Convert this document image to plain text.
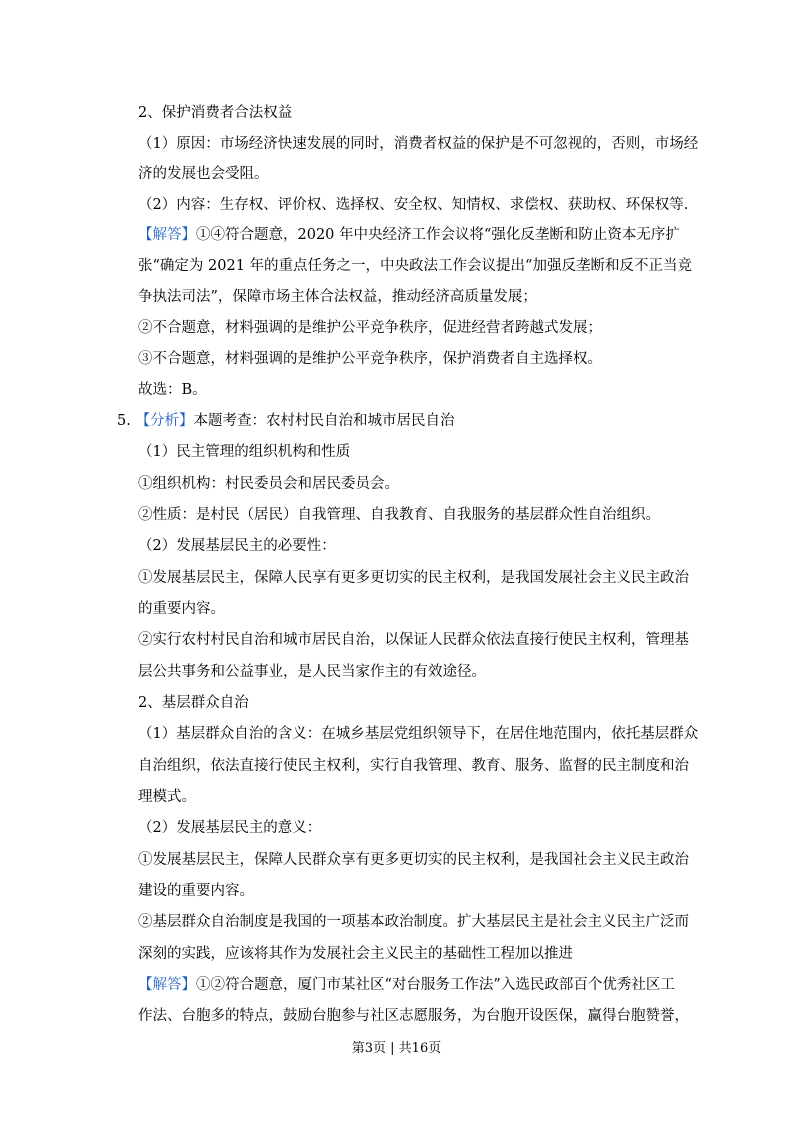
2、保护消费者合法权益
（1）原因：市场经济快速发展的同时，消费者权益的保护是不可忽视的，否则，市场经
济的发展也会受阻。
（2）内容：生存权、评价权、选择权、安全权、知情权、求偿权、获助权、环保权等.
【解答】①④符合题意，2020 年中央经济工作会议将“强化反垄断和防止资本无序扩
张“确定为 2021 年的重点任务之一，中央政法工作会议提出“加强反垄断和反不正当竞
争执法司法”，保障市场主体合法权益，推动经济高质量发展；
②不合题意，材料强调的是维护公平竞争秩序，促进经营者跨越式发展；
③不合题意，材料强调的是维护公平竞争秩序，保护消费者自主选择权。
故选：B。
5. 【分析】本题考查：农村村民自治和城市居民自治
（1）民主管理的组织机构和性质
①组织机构：村民委员会和居民委员会。
②性质：是村民（居民）自我管理、自我教育、自我服务的基层群众性自治组织。
（2）发展基层民主的必要性：
①发展基层民主，保障人民享有更多更切实的民主权利，是我国发展社会主义民主政治
的重要内容。
②实行农村村民自治和城市居民自治，以保证人民群众依法直接行使民主权利，管理基
层公共事务和公益事业，是人民当家作主的有效途径。
2、基层群众自治
（1）基层群众自治的含义：在城乡基层党组织领导下，在居住地范围内，依托基层群众
自治组织，依法直接行使民主权利，实行自我管理、教育、服务、监督的民主制度和治
理模式。
（2）发展基层民主的意义：
①发展基层民主，保障人民群众享有更多更切实的民主权利，是我国社会主义民主政治
建设的重要内容。
②基层群众自治制度是我国的一项基本政治制度。扩大基层民主是社会主义民主广泛而
深刻的实践，应该将其作为发展社会主义民主的基础性工程加以推进
【解答】①②符合题意，厦门市某社区“对台服务工作法”入选民政部百个优秀社区工
作法、台胞多的特点，鼓励台胞参与社区志愿服务，为台胞开设医保，赢得台胞赞誉，
第3页 | 共16页
